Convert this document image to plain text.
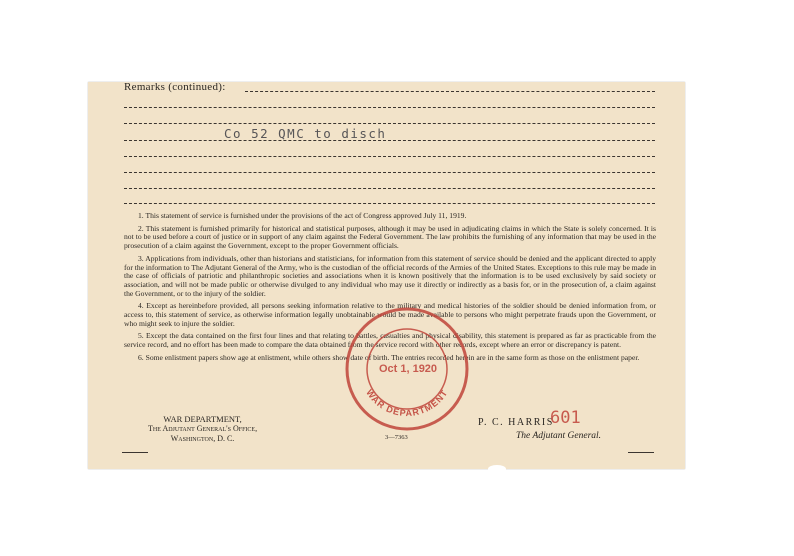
Remarks (continued):
Co 52 QMC to disch

1. This statement of service is furnished under the provisions of the act of Congress approved July 11, 1919.

2. This statement is furnished primarily for historical and statistical purposes, although it may be used in adjudicating claims in which the State is solely concerned. It is not to be used before a court of justice or in support of any claim against the Federal Government. The law prohibits the furnishing of any information that may be used in the prosecution of a claim against the Government, except to the proper Government officials.

3. Applications from individuals, other than historians and statisticians, for information from this statement of service should be denied and the applicant directed to apply for the information to The Adjutant General of the Army, who is the custodian of the official records of the Armies of the United States. Exceptions to this rule may be made in the case of officials of patriotic and philanthropic societies and associations when it is known positively that the information is to be used exclusively by said society or association, and will not be made public or otherwise divulged to any individual who may use it directly or indirectly as a basis for, or in the prosecution of, a claim against the Government, or to the injury of the soldier.

4. Except as hereinbefore provided, all persons seeking information relative to the military and medical histories of the soldier should be denied information from, or access to, this statement of service, as otherwise information legally unobtainable would be made available to persons who might perpetrate frauds upon the Government, or who might seek to injure the soldier.

5. Except the data contained on the first four lines and that relating to battles, casualties and physical disability, this statement is prepared as far as practicable from the service record, and no effort has been made to compare the data obtained from the service record with other records, except where an error or discrepancy is patent.

6. Some enlistment papers show age at enlistment, while others show date of birth. The entries recorded herein are in the same form as those on the enlistment paper.

WAR DEPARTMENT
Oct 1, 1920
WAR DEPARTMENT,
The Adjutant General's Office,
Washington, D. C.	3—7363
P. C. HARRIS
601
The Adjutant General.
